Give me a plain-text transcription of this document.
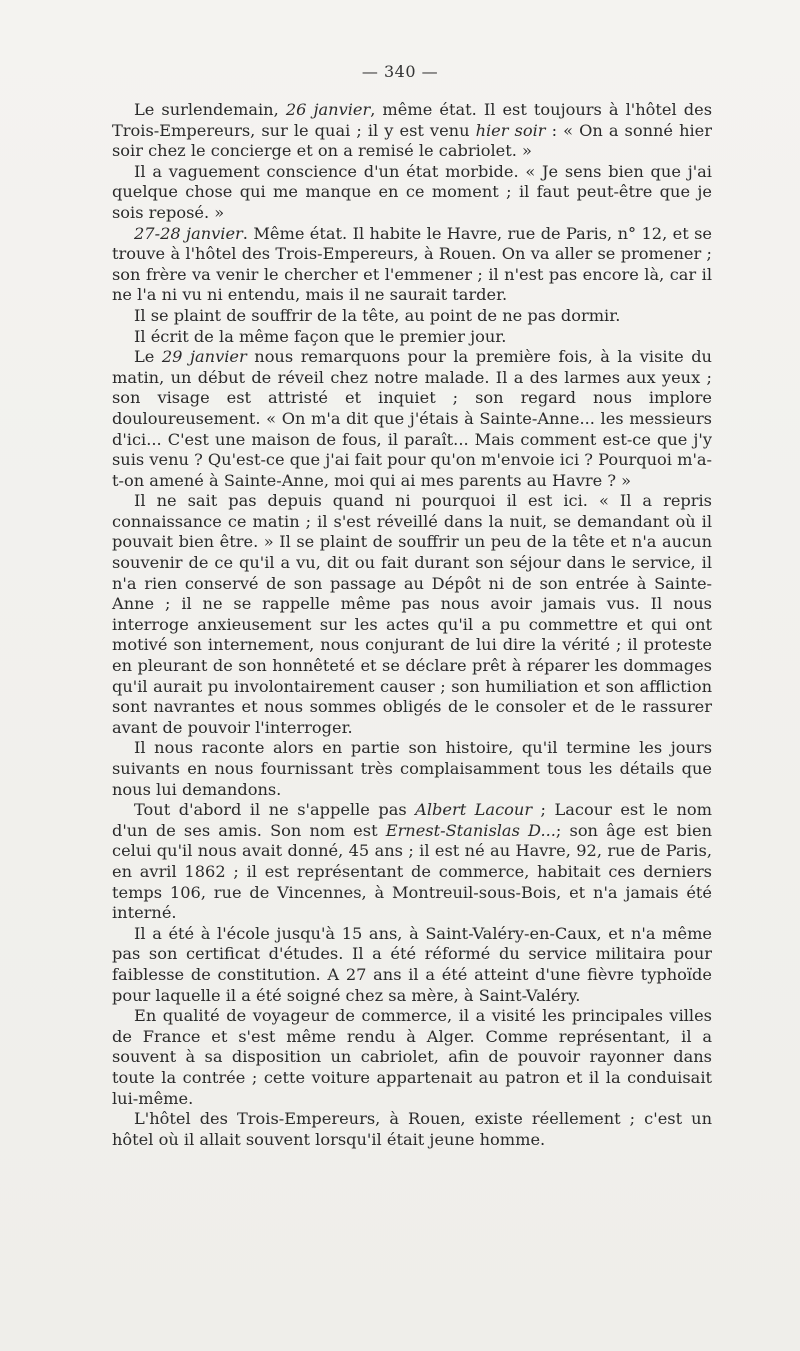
— 340 —

Le surlendemain, 26 janvier, même état. Il est toujours à l'hôtel des Trois-Empereurs, sur le quai ; il y est venu hier soir : « On a sonné hier soir chez le concierge et on a remisé le cabriolet. »

Il a vaguement conscience d'un état morbide. « Je sens bien que j'ai quelque chose qui me manque en ce moment ; il faut peut-être que je sois reposé. »

27-28 janvier. Même état. Il habite le Havre, rue de Paris, n° 12, et se trouve à l'hôtel des Trois-Empereurs, à Rouen. On va aller se promener ; son frère va venir le chercher et l'emmener ; il n'est pas encore là, car il ne l'a ni vu ni entendu, mais il ne saurait tarder.

Il se plaint de souffrir de la tête, au point de ne pas dormir.

Il écrit de la même façon que le premier jour.

Le 29 janvier nous remarquons pour la première fois, à la visite du matin, un début de réveil chez notre malade. Il a des larmes aux yeux ; son visage est attristé et inquiet ; son regard nous implore douloureusement. « On m'a dit que j'étais à Sainte-Anne... les messieurs d'ici... C'est une maison de fous, il paraît... Mais comment est-ce que j'y suis venu ? Qu'est-ce que j'ai fait pour qu'on m'envoie ici ? Pourquoi m'a-t-on amené à Sainte-Anne, moi qui ai mes parents au Havre ? »

Il ne sait pas depuis quand ni pourquoi il est ici. « Il a repris connaissance ce matin ; il s'est réveillé dans la nuit, se demandant où il pouvait bien être. » Il se plaint de souffrir un peu de la tête et n'a aucun souvenir de ce qu'il a vu, dit ou fait durant son séjour dans le service, il n'a rien conservé de son passage au Dépôt ni de son entrée à Sainte-Anne ; il ne se rappelle même pas nous avoir jamais vus. Il nous interroge anxieusement sur les actes qu'il a pu commettre et qui ont motivé son internement, nous conjurant de lui dire la vérité ; il proteste en pleurant de son honnêteté et se déclare prêt à réparer les dommages qu'il aurait pu involontairement causer ; son humiliation et son affliction sont navrantes et nous sommes obligés de le consoler et de le rassurer avant de pouvoir l'interroger.

Il nous raconte alors en partie son histoire, qu'il termine les jours suivants en nous fournissant très complaisamment tous les détails que nous lui demandons.

Tout d'abord il ne s'appelle pas Albert Lacour ; Lacour est le nom d'un de ses amis. Son nom est Ernest-Stanislas D...; son âge est bien celui qu'il nous avait donné, 45 ans ; il est né au Havre, 92, rue de Paris, en avril 1862 ; il est représentant de commerce, habitait ces derniers temps 106, rue de Vincennes, à Montreuil-sous-Bois, et n'a jamais été interné.

Il a été à l'école jusqu'à 15 ans, à Saint-Valéry-en-Caux, et n'a même pas son certificat d'études. Il a été réformé du service militaira pour faiblesse de constitution. A 27 ans il a été atteint d'une fièvre typhoïde pour laquelle il a été soigné chez sa mère, à Saint-Valéry.

En qualité de voyageur de commerce, il a visité les principales villes de France et s'est même rendu à Alger. Comme représentant, il a souvent à sa disposition un cabriolet, afin de pouvoir rayonner dans toute la contrée ; cette voiture appartenait au patron et il la conduisait lui-même.

L'hôtel des Trois-Empereurs, à Rouen, existe réellement ; c'est un hôtel où il allait souvent lorsqu'il était jeune homme.
